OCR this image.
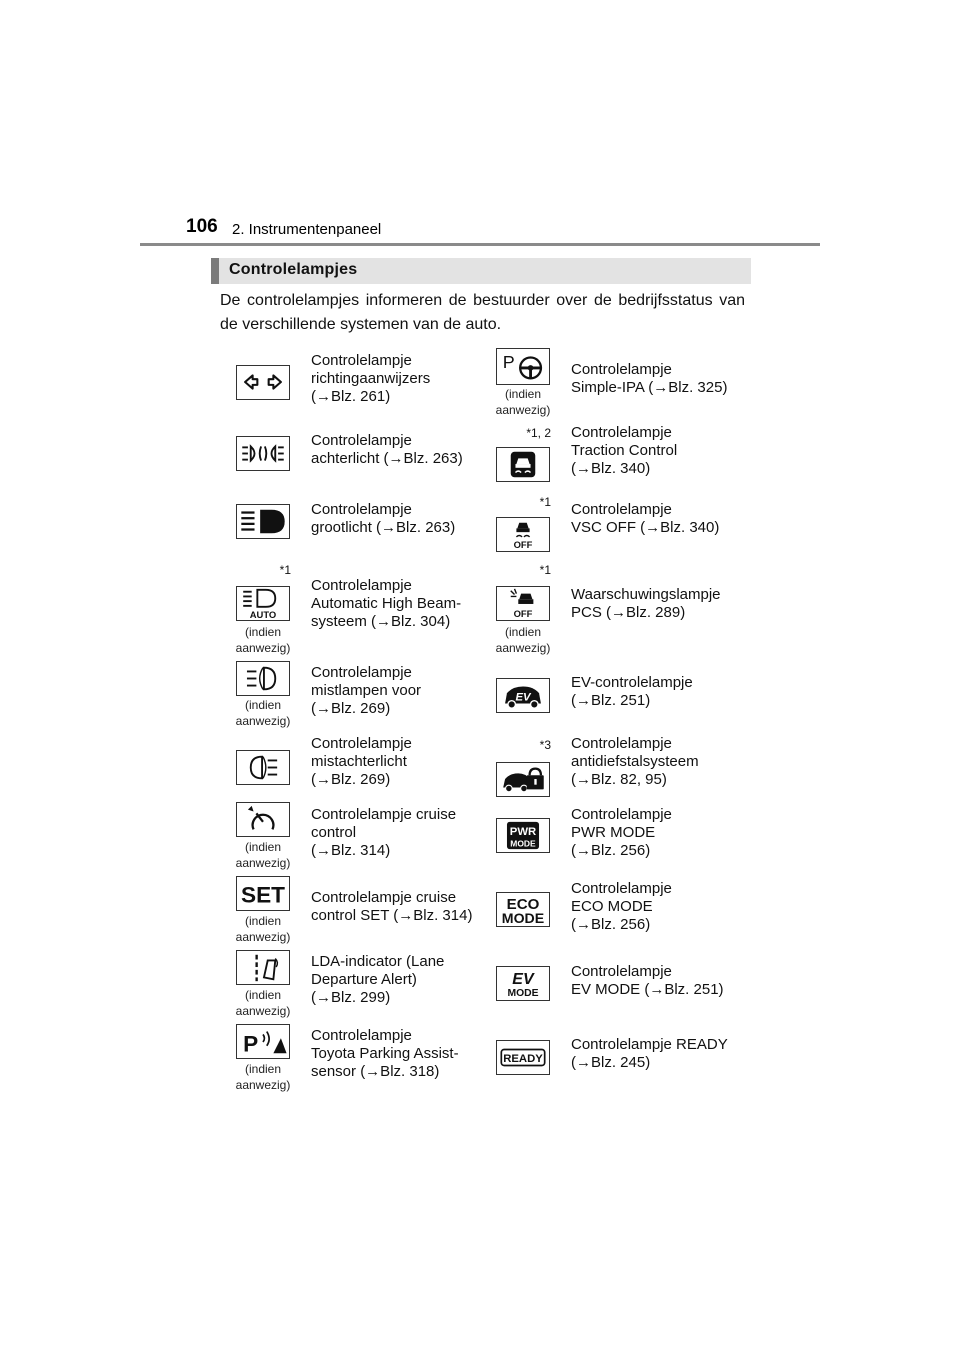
106 2. Instrumentenpaneel
Controlelampjes
De controlelampjes informeren de bestuurder over de bedrijfsstatus van de verschillende systemen van de auto.
Controlelampje
richtingaanwijzers
(→Blz. 261)
Controlelampje
achterlicht (→Blz. 263)
Controlelampje
grootlicht (→Blz. 263)
*1
AUTO
(indien aanwezig)
Controlelampje
Automatic High Beam-
systeem (→Blz. 304)
(indien aanwezig)
Controlelampje
mistlampen voor
(→Blz. 269)
Controlelampje
mistachterlicht
(→Blz. 269)
(indien aanwezig)
Controlelampje cruise
control
(→Blz. 314)
SET
(indien aanwezig)
Controlelampje cruise
control SET (→Blz. 314)
(indien aanwezig)
LDA-indicator (Lane
Departure Alert)
(→Blz. 299)
P
(indien aanwezig)
Controlelampje
Toyota Parking Assist-
sensor (→Blz. 318)
P
(indien aanwezig)
Controlelampje
Simple-IPA (→Blz. 325)
*1, 2 Controlelampje
Traction Control
(→Blz. 340)
*1
OFF
Controlelampje
VSC OFF (→Blz. 340)
*1
OFF
(indien aanwezig)
Waarschuwingslampje
PCS (→Blz. 289)
EV
EV-controlelampje
(→Blz. 251)
*3 Controlelampje
antidiefstalsysteem
(→Blz. 82, 95)
PWR
MODE
Controlelampje
PWR MODE
(→Blz. 256)
ECO
MODE
Controlelampje
ECO MODE
(→Blz. 256)
EV
MODE
Controlelampje
EV MODE (→Blz. 251)
READY
Controlelampje READY
(→Blz. 245)
